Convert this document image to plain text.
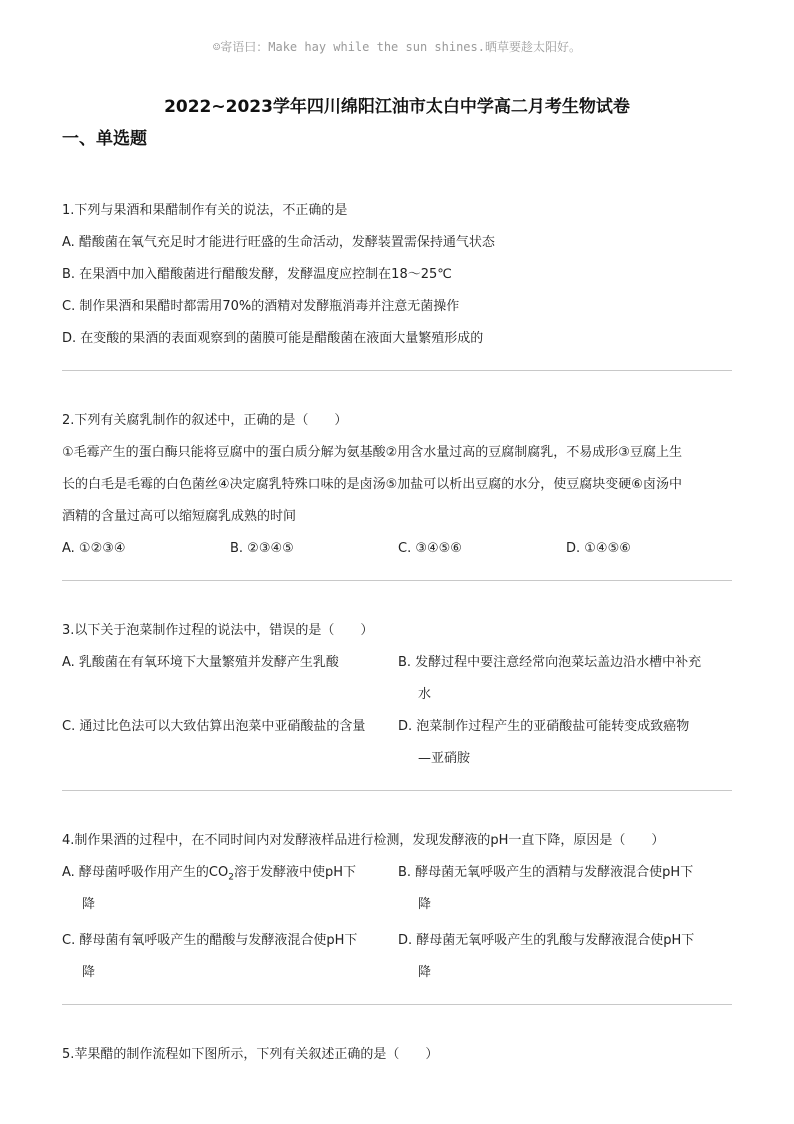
☺寄语曰：Make hay while the sun shines.晒草要趁太阳好。
2022~2023学年四川绵阳江油市太白中学高二月考生物试卷
一、单选题
1.下列与果酒和果醋制作有关的说法，不正确的是
A. 醋酸菌在氧气充足时才能进行旺盛的生命活动，发酵装置需保持通气状态
B. 在果酒中加入醋酸菌进行醋酸发酵，发酵温度应控制在18～25℃
C. 制作果酒和果醋时都需用70%的酒精对发酵瓶消毒并注意无菌操作
D. 在变酸的果酒的表面观察到的菌膜可能是醋酸菌在液面大量繁殖形成的
2.下列有关腐乳制作的叙述中，正确的是（　　）
①毛霉产生的蛋白酶只能将豆腐中的蛋白质分解为氨基酸②用含水量过高的豆腐制腐乳，不易成形③豆腐上生
长的白毛是毛霉的白色菌丝④决定腐乳特殊口味的是卤汤⑤加盐可以析出豆腐的水分，使豆腐块变硬⑥卤汤中
酒精的含量过高可以缩短腐乳成熟的时间
A. ①②③④	B. ②③④⑤	C. ③④⑤⑥	D. ①④⑤⑥
3.以下关于泡菜制作过程的说法中，错误的是（　　）
A. 乳酸菌在有氧环境下大量繁殖并发酵产生乳酸	B. 发酵过程中要注意经常向泡菜坛盖边沿水槽中补充
水
C. 通过比色法可以大致估算出泡菜中亚硝酸盐的含量	D. 泡菜制作过程产生的亚硝酸盐可能转变成致癌物
—亚硝胺
4.制作果酒的过程中，在不同时间内对发酵液样品进行检测，发现发酵液的pH一直下降，原因是（　　）
A. 酵母菌呼吸作用产生的$CO_2$溶于发酵液中使pH下
降
B. 酵母菌无氧呼吸产生的酒精与发酵液混合使pH下
降
C. 酵母菌有氧呼吸产生的醋酸与发酵液混合使pH下
降
D. 酵母菌无氧呼吸产生的乳酸与发酵液混合使pH下
降
5.苹果醋的制作流程如下图所示，下列有关叙述正确的是（　　）
